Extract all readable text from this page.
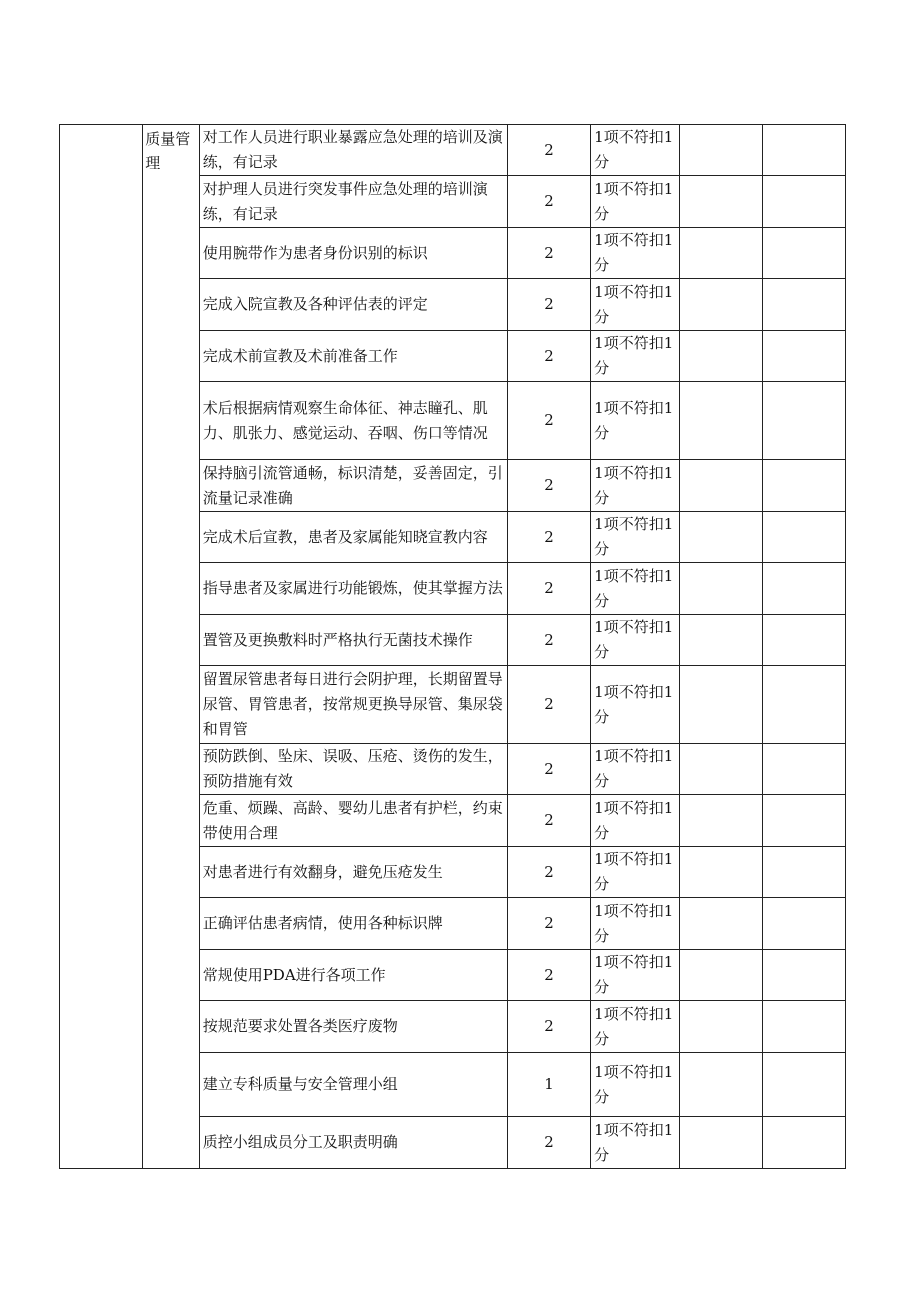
	质量管理	对工作人员进行职业暴露应急处理的培训及演练，有记录	2	1项不符扣1分		
		对护理人员进行突发事件应急处理的培训演练，有记录	2	1项不符扣1分		
		使用腕带作为患者身份识别的标识	2	1项不符扣1分		
		完成入院宣教及各种评估表的评定	2	1项不符扣1分		
		完成术前宣教及术前准备工作	2	1项不符扣1分		
		术后根据病情观察生命体征、神志瞳孔、肌力、肌张力、感觉运动、吞咽、伤口等情况	2	1项不符扣1分		
		保持脑引流管通畅，标识清楚，妥善固定，引流量记录准确	2	1项不符扣1分		
		完成术后宣教，患者及家属能知晓宣教内容	2	1项不符扣1分		
		指导患者及家属进行功能锻炼，使其掌握方法	2	1项不符扣1分		
		置管及更换敷料时严格执行无菌技术操作	2	1项不符扣1分		
		留置尿管患者每日进行会阴护理，长期留置导尿管、胃管患者，按常规更换导尿管、集尿袋和胃管	2	1项不符扣1分		
		预防跌倒、坠床、误吸、压疮、烫伤的发生，预防措施有效	2	1项不符扣1分		
		危重、烦躁、高龄、婴幼儿患者有护栏，约束带使用合理	2	1项不符扣1分		
		对患者进行有效翻身，避免压疮发生	2	1项不符扣1分		
		正确评估患者病情，使用各种标识牌	2	1项不符扣1分		
		常规使用PDA进行各项工作	2	1项不符扣1分		
		按规范要求处置各类医疗废物	2	1项不符扣1分		
		建立专科质量与安全管理小组	1	1项不符扣1分		
		质控小组成员分工及职责明确	2	1项不符扣1分		
